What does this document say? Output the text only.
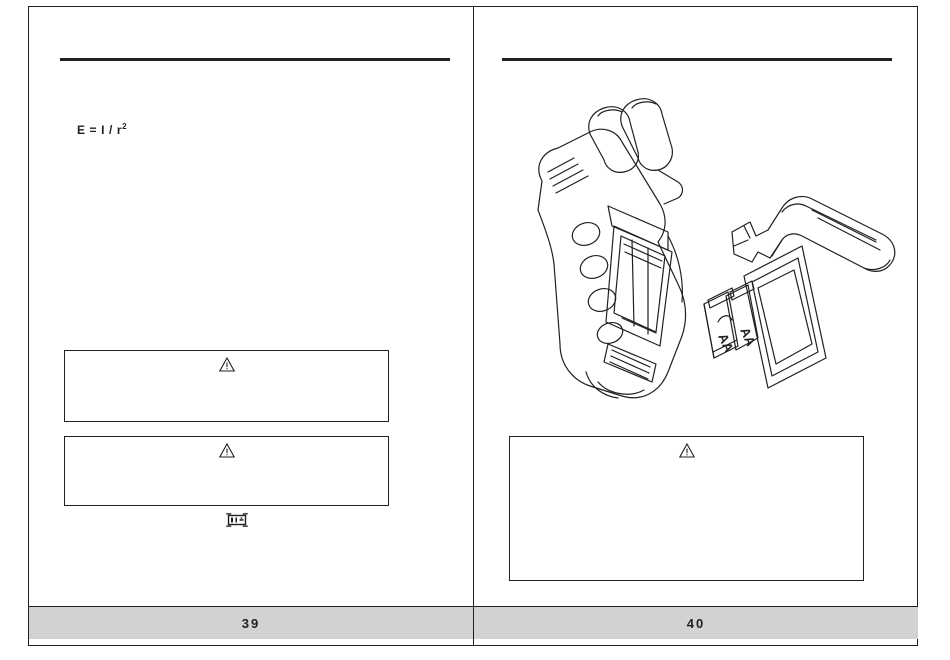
$E = I / r^2$
39
AA AA
40
